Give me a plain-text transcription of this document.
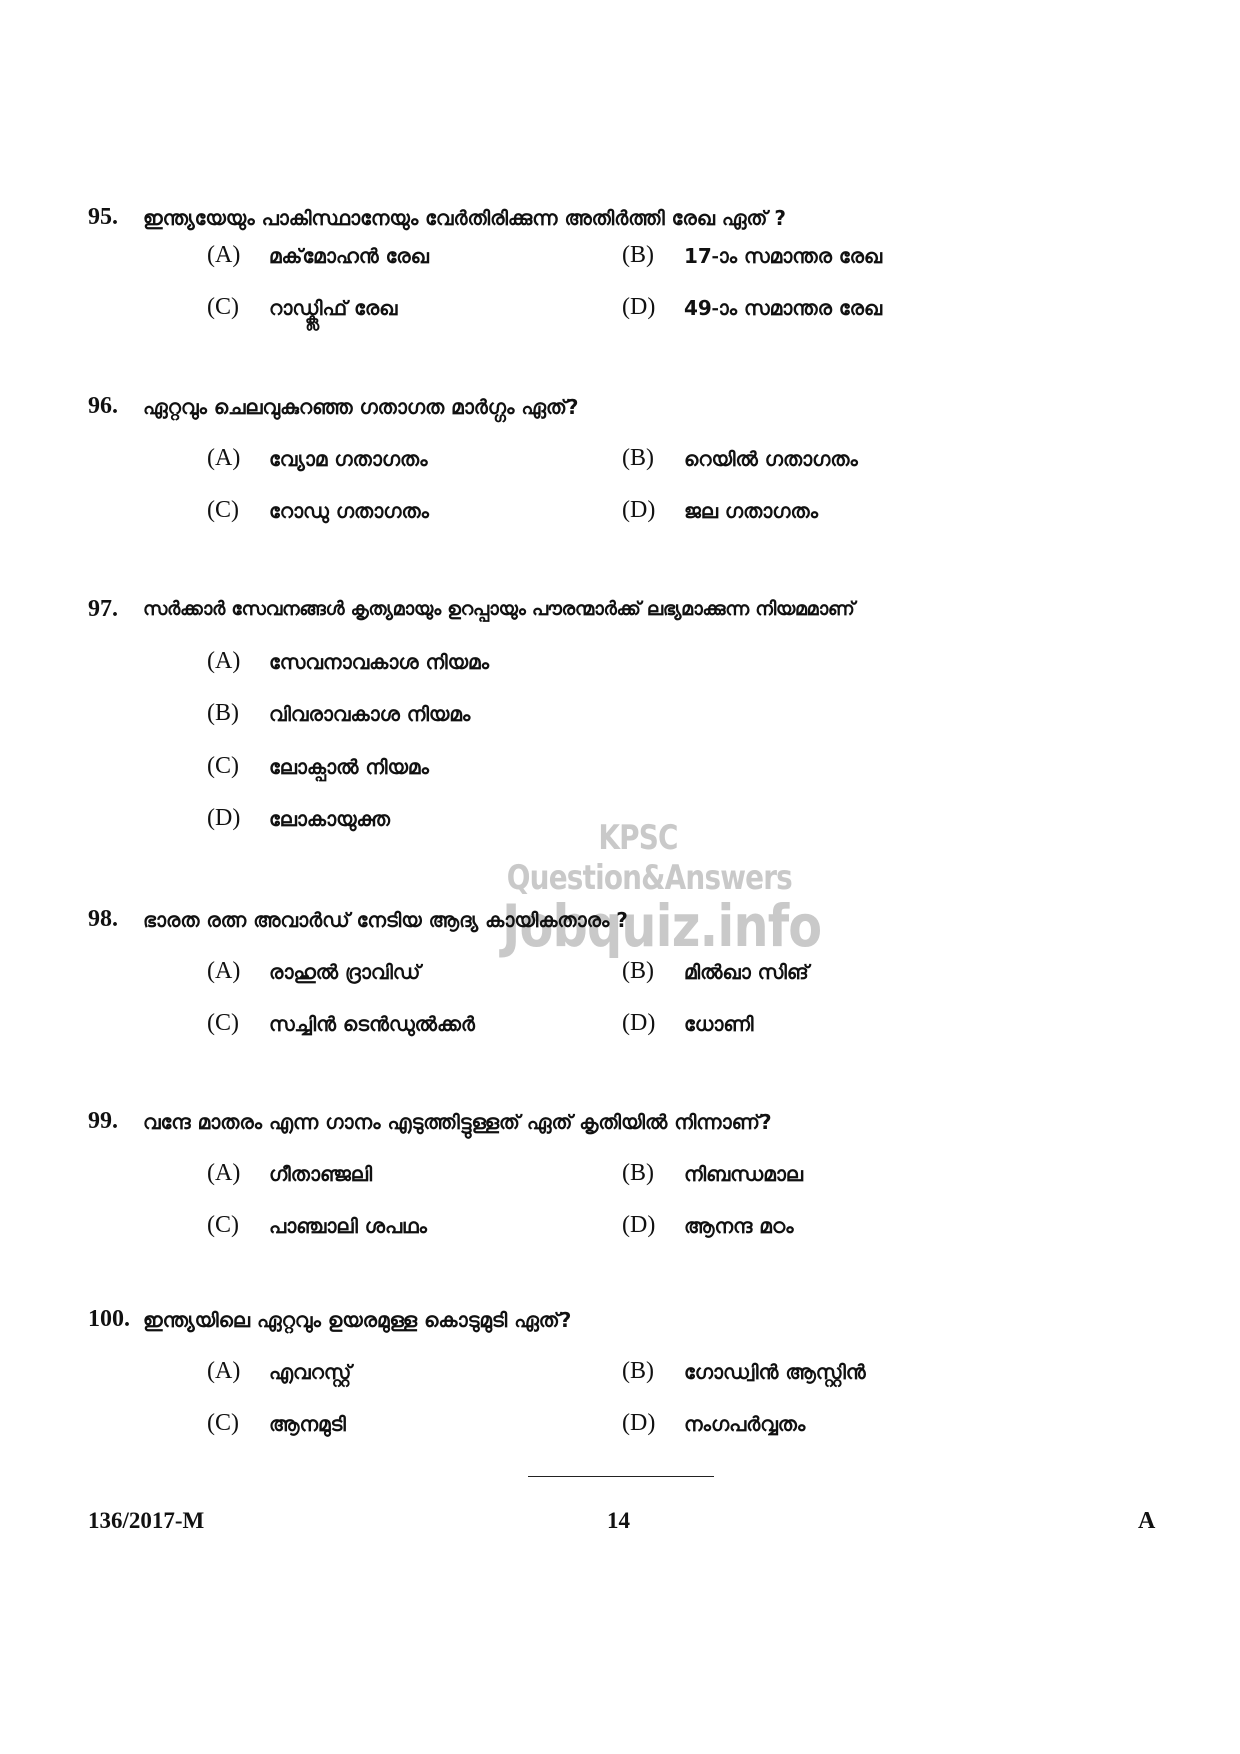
95. ഇന്ത്യയേയും പാകിസ്ഥാനേയും വേർതിരിക്കുന്ന അതിർത്തി രേഖ ഏത് ?
(A) മക്‌മോഹൻ രേഖ	(B) 17-ാം സമാന്തര രേഖ
(C) റാഡ്ക്ലിഫ് രേഖ	(D) 49-ാം സമാന്തര രേഖ
96. ഏറ്റവും ചെലവുകുറഞ്ഞ ഗതാഗത മാർഗ്ഗം ഏത്?
(A) വ്യോമ ഗതാഗതം	(B) റെയിൽ ഗതാഗതം
(C) റോഡു ഗതാഗതം	(D) ജല ഗതാഗതം
97. സർക്കാർ സേവനങ്ങൾ കൃത്യമായും ഉറപ്പായും പൗരന്മാർക്ക് ലഭ്യമാക്കുന്ന നിയമമാണ്
(A) സേവനാവകാശ നിയമം
(B) വിവരാവകാശ നിയമം
(C) ലോക്പാൽ നിയമം
(D) ലോകായുക്ത	KPSC Question&Answers
Jobquiz.info
98. ഭാരത രത്ന അവാർഡ് നേടിയ ആദ്യ കായികതാരം ?
(A) രാഹുൽ ദ്രാവിഡ്	(B) മിൽഖാ സിങ്
(C) സച്ചിൻ ടെൻഡുൽക്കർ	(D) ധോണി
99. വന്ദേ മാതരം എന്ന ഗാനം എടുത്തിട്ടുള്ളത് ഏത് കൃതിയിൽ നിന്നാണ്?
(A) ഗീതാഞ്ജലി	(B) നിബന്ധമാല
(C) പാഞ്ചാലി ശപഥം	(D) ആനന്ദ മഠം
100. ഇന്ത്യയിലെ ഏറ്റവും ഉയരമുള്ള കൊടുമുടി ഏത്?
(A) എവറസ്റ്റ്	(B) ഗോഡ്വിൻ ആസ്റ്റിൻ
(C) ആനമുടി	(D) നംഗപർവ്വതം
136/2017-M	14	A
